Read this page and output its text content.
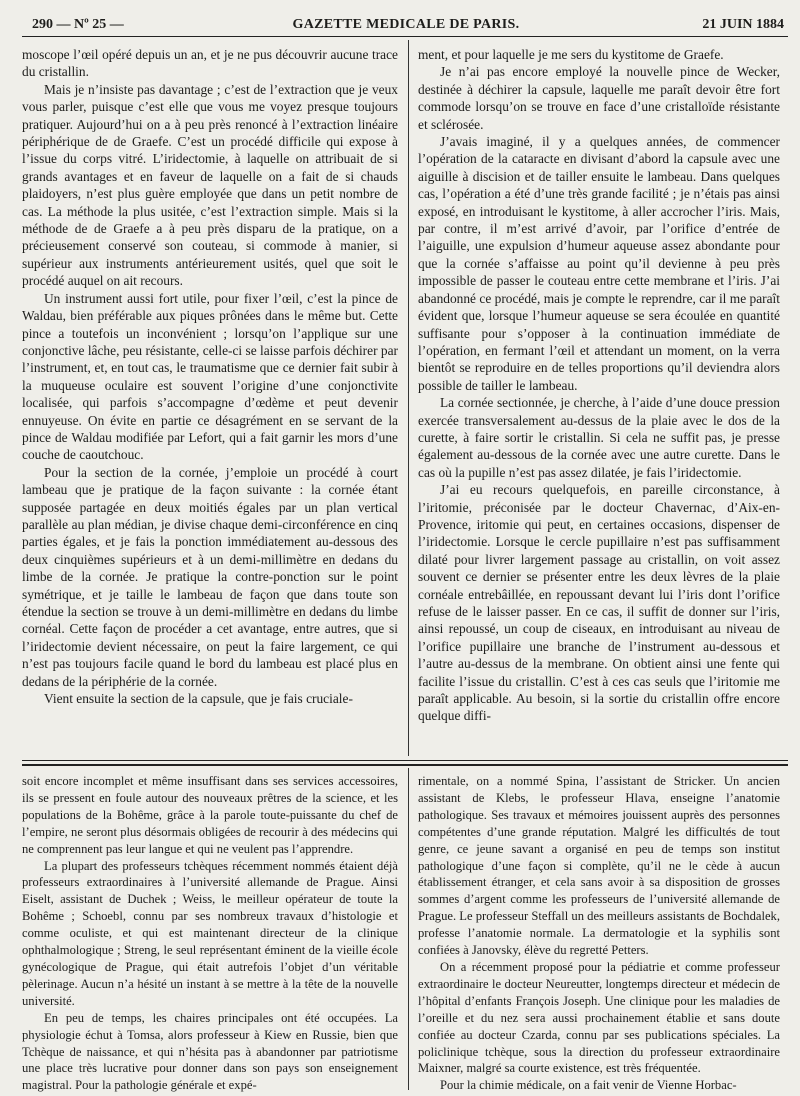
290 — Nº 25 —	GAZETTE MEDICALE DE PARIS.	21 JUIN 1884

moscope l’œil opéré depuis un an, et je ne pus découvrir aucune trace du cristallin.

Mais je n’insiste pas davantage ; c’est de l’extraction que je veux vous parler, puisque c’est elle que vous me voyez presque toujours pratiquer. Aujourd’hui on a à peu près renoncé à l’extraction linéaire périphérique de de Graefe. C’est un procédé difficile qui expose à l’issue du corps vitré. L’iridectomie, à laquelle on attribuait de si grands avantages et en faveur de laquelle on a fait de si chauds plaidoyers, n’est plus guère employée que dans un petit nombre de cas. La méthode la plus usitée, c’est l’extraction simple. Mais si la méthode de de Graefe a à peu près disparu de la pratique, on a précieusement conservé son couteau, si commode à manier, si supérieur aux instruments antérieurement usités, quel que soit le procédé auquel on ait recours.

Un instrument aussi fort utile, pour fixer l’œil, c’est la pince de Waldau, bien préférable aux piques prônées dans le même but. Cette pince a toutefois un inconvénient ; lorsqu’on l’applique sur une conjonctive lâche, peu résistante, celle-ci se laisse parfois déchirer par l’instrument, et, en tout cas, le traumatisme que ce dernier fait subir à la muqueuse oculaire est souvent l’origine d’une conjonctivite localisée, qui parfois s’accompagne d’œdème et peut devenir ennuyeuse. On évite en partie ce désagrément en se servant de la pince de Waldau modifiée par Lefort, qui a fait garnir les mors d’une couche de caoutchouc.

Pour la section de la cornée, j’emploie un procédé à court lambeau que je pratique de la façon suivante : la cornée étant supposée partagée en deux moitiés égales par un plan vertical parallèle au plan médian, je divise chaque demi-circonférence en cinq parties égales, et je fais la ponction immédiatement au-dessous des deux cinquièmes supérieurs et à un demi-millimètre en dedans du limbe de la cornée. Je pratique la contre-ponction sur le point symétrique, et je taille le lambeau de façon que dans toute son étendue la section se trouve à un demi-millimètre en dedans du limbe cornéal. Cette façon de procéder a cet avantage, entre autres, que si l’iridectomie devient nécessaire, on peut la faire largement, ce qui n’est pas toujours facile quand le bord du lambeau est placé plus en dedans de la périphérie de la cornée.

Vient ensuite la section de la capsule, que je fais cruciale-

ment, et pour laquelle je me sers du kystitome de Graefe.

Je n’ai pas encore employé la nouvelle pince de Wecker, destinée à déchirer la capsule, laquelle me paraît devoir être fort commode lorsqu’on se trouve en face d’une cristalloïde résistante et sclérosée.

J’avais imaginé, il y a quelques années, de commencer l’opération de la cataracte en divisant d’abord la capsule avec une aiguille à discision et de tailler ensuite le lambeau. Dans quelques cas, l’opération a été d’une très grande facilité ; je n’étais pas ainsi exposé, en introduisant le kystitome, à aller accrocher l’iris. Mais, par contre, il m’est arrivé d’avoir, par l’orifice d’entrée de l’aiguille, une expulsion d’humeur aqueuse assez abondante pour que la cornée s’affaisse au point qu’il devienne à peu près impossible de passer le couteau entre cette membrane et l’iris. J’ai abandonné ce procédé, mais je compte le reprendre, car il me paraît évident que, lorsque l’humeur aqueuse se sera écoulée en quantité suffisante pour s’opposer à la continuation immédiate de l’opération, en fermant l’œil et attendant un moment, on la verra bientôt se reproduire en de telles proportions qu’il deviendra alors possible de tailler le lambeau.

La cornée sectionnée, je cherche, à l’aide d’une douce pression exercée transversalement au-dessus de la plaie avec le dos de la curette, à faire sortir le cristallin. Si cela ne suffit pas, je presse également au-dessous de la cornée avec une autre curette. Dans le cas où la pupille n’est pas assez dilatée, je fais l’iridectomie.

J’ai eu recours quelquefois, en pareille circonstance, à l’iritomie, préconisée par le docteur Chavernac, d’Aix-en-Provence, iritomie qui peut, en certaines occasions, dispenser de l’iridectomie. Lorsque le cercle pupillaire n’est pas suffisamment dilaté pour livrer largement passage au cristallin, on voit assez souvent ce dernier se présenter entre les deux lèvres de la plaie cornéale entrebâillée, en repoussant devant lui l’iris dont l’orifice refuse de le laisser passer. En ce cas, il suffit de donner sur l’iris, ainsi repoussé, un coup de ciseaux, en introduisant au niveau de l’orifice pupillaire une branche de l’instrument au-dessous et l’autre au-dessus de la membrane. On obtient ainsi une fente qui facilite l’issue du cristallin. C’est à ces cas seuls que l’iritomie me paraît applicable. Au besoin, si la sortie du cristallin offre encore quelque diffi-

soit encore incomplet et même insuffisant dans ses services accessoires, ils se pressent en foule autour des nouveaux prêtres de la science, et les populations de la Bohême, grâce à la parole toute-puissante du chef de l’empire, ne seront plus désormais obligées de recourir à des médecins qui ne comprennent pas leur langue et qui ne veulent pas l’apprendre.

La plupart des professeurs tchèques récemment nommés étaient déjà professeurs extraordinaires à l’université allemande de Prague. Ainsi Eiselt, assistant de Duchek ; Weiss, le meilleur opérateur de toute la Bohême ; Schoebl, connu par ses nombreux travaux d’histologie et comme oculiste, et qui est maintenant directeur de la clinique ophthalmologique ; Streng, le seul représentant éminent de la vieille école gynécologique de Prague, qui était autrefois l’objet d’un véritable pèlerinage. Aucun n’a hésité un instant à se mettre à la tête de la nouvelle université.

En peu de temps, les chaires principales ont été occupées. La physiologie échut à Tomsa, alors professeur à Kiew en Russie, bien que Tchèque de naissance, et qui n’hésita pas à abandonner par patriotisme une place très lucrative pour donner dans son pays son enseignement magistral. Pour la pathologie générale et expé-

rimentale, on a nommé Spina, l’assistant de Stricker. Un ancien assistant de Klebs, le professeur Hlava, enseigne l’anatomie pathologique. Ses travaux et mémoires jouissent auprès des personnes compétentes d’une grande réputation. Malgré les difficultés de tout genre, ce jeune savant a organisé en peu de temps son institut pathologique d’une façon si complète, qu’il ne le cède à aucun établissement étranger, et cela sans avoir à sa disposition de grosses sommes d’argent comme les professeurs de l’université allemande de Prague. Le professeur Steffall un des meilleurs assistants de Bochdalek, professe l’anatomie normale. La dermatologie et la syphilis sont confiées à Janovsky, élève du regretté Petters.

On a récemment proposé pour la pédiatrie et comme professeur extraordinaire le docteur Neureutter, longtemps directeur et médecin de l’hôpital d’enfants François Joseph. Une clinique pour les maladies de l’oreille et du nez sera aussi prochainement établie et sans doute confiée au docteur Czarda, connu par ses publications spéciales. La policlinique tchèque, sous la direction du professeur extraordinaire Maixner, malgré sa courte existence, est très fréquentée.

Pour la chimie médicale, on a fait venir de Vienne Horbac-
